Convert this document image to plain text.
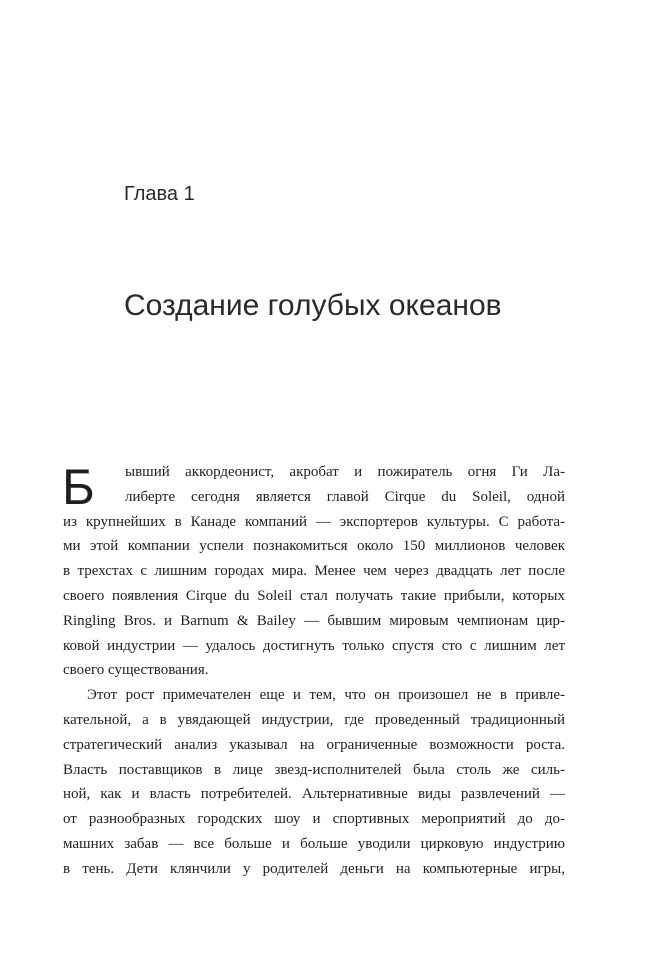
Глава 1
Создание голубых океанов
Б ывший аккордеонист, акробат и пожиратель огня Ги Ла-
либерте сегодня является главой Cirque du Soleil, одной
из крупнейших в Канаде компаний — экспортеров культуры. С работа-
ми этой компании успели познакомиться около 150 миллионов человек
в трехстах с лишним городах мира. Менее чем через двадцать лет после
своего появления Cirque du Soleil стал получать такие прибыли, которых
Ringling Bros. и Barnum & Bailey — бывшим мировым чемпионам цир-
ковой индустрии — удалось достигнуть только спустя сто с лишним лет
своего существования.
Этот рост примечателен еще и тем, что он произошел не в привле-
кательной, а в увядающей индустрии, где проведенный традиционный
стратегический анализ указывал на ограниченные возможности роста.
Власть поставщиков в лице звезд-исполнителей была столь же силь-
ной, как и власть потребителей. Альтернативные виды развлечений —
от разнообразных городских шоу и спортивных мероприятий до до-
машних забав — все больше и больше уводили цирковую индустрию
в тень. Дети клянчили у родителей деньги на компьютерные игры,
